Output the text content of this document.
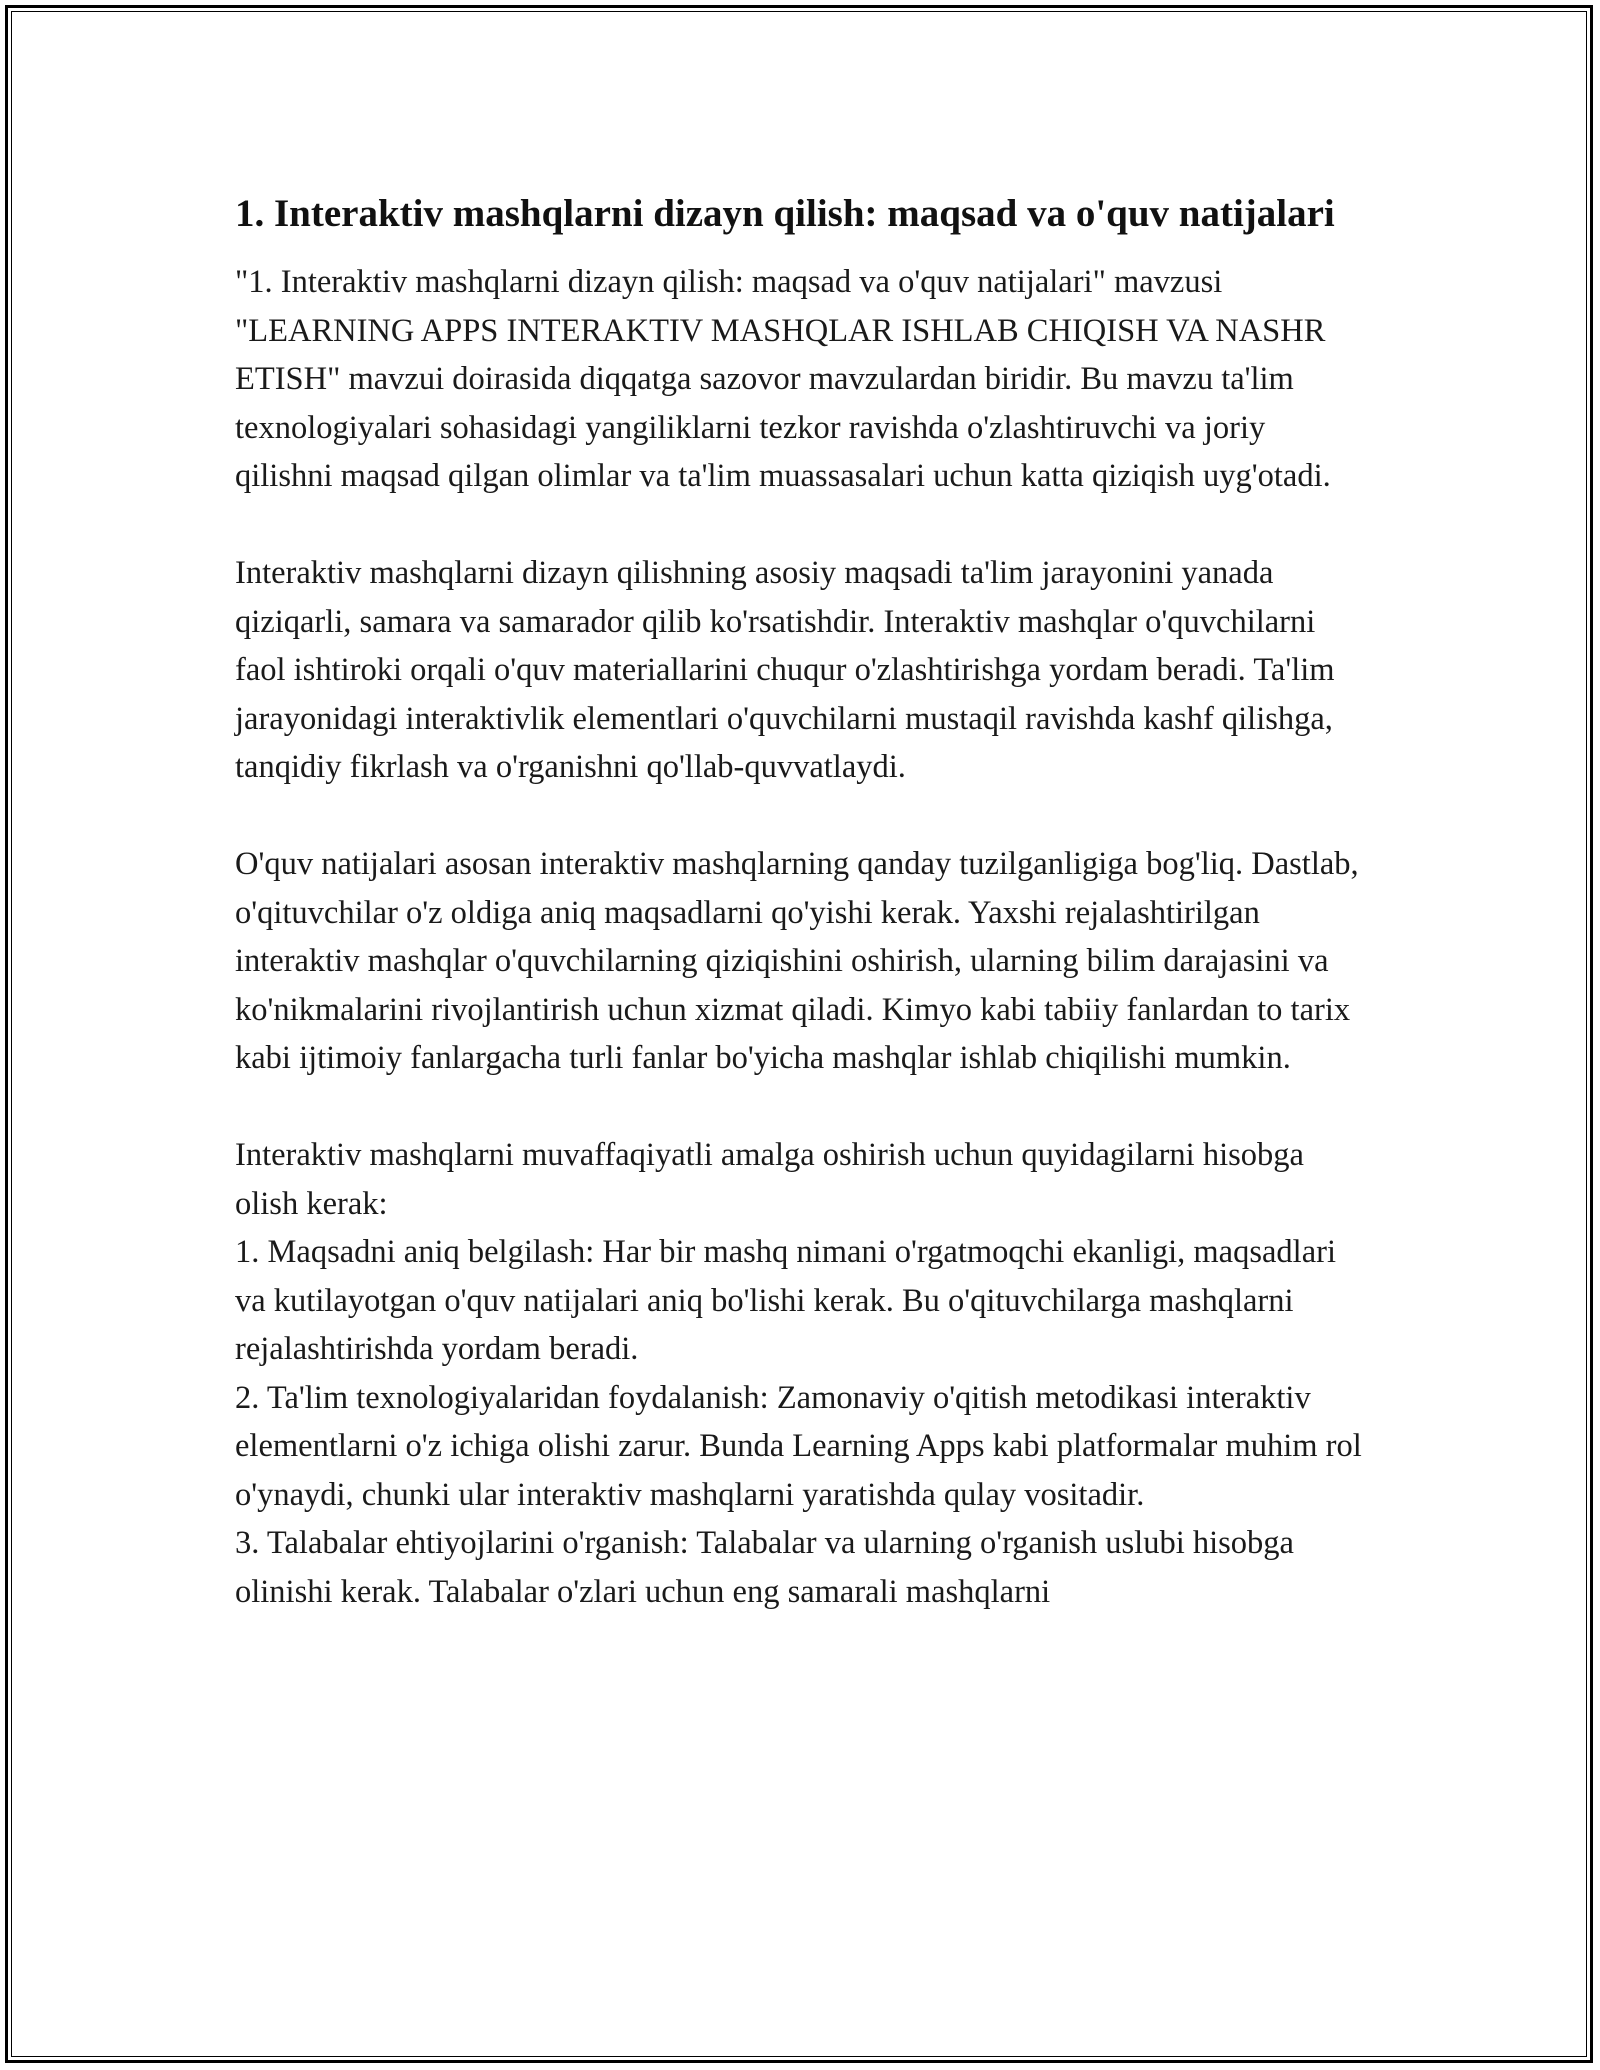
1. Interaktiv mashqlarni dizayn qilish: maqsad va o'quv natijalari

"1. Interaktiv mashqlarni dizayn qilish: maqsad va o'quv natijalari" mavzusi "LEARNING APPS INTERAKTIV MASHQLAR ISHLAB CHIQISH VA NASHR ETISH" mavzui doirasida diqqatga sazovor mavzulardan biridir. Bu mavzu ta'lim texnologiyalari sohasidagi yangiliklarni tezkor ravishda o'zlashtiruvchi va joriy qilishni maqsad qilgan olimlar va ta'lim muassasalari uchun katta qiziqish uyg'otadi.

Interaktiv mashqlarni dizayn qilishning asosiy maqsadi ta'lim jarayonini yanada qiziqarli, samara va samarador qilib ko'rsatishdir. Interaktiv mashqlar o'quvchilarni faol ishtiroki orqali o'quv materiallarini chuqur o'zlashtirishga yordam beradi. Ta'lim jarayonidagi interaktivlik elementlari o'quvchilarni mustaqil ravishda kashf qilishga, tanqidiy fikrlash va o'rganishni qo'llab-quvvatlaydi.

O'quv natijalari asosan interaktiv mashqlarning qanday tuzilganligiga bog'liq. Dastlab, o'qituvchilar o'z oldiga aniq maqsadlarni qo'yishi kerak. Yaxshi rejalashtirilgan interaktiv mashqlar o'quvchilarning qiziqishini oshirish, ularning bilim darajasini va ko'nikmalarini rivojlantirish uchun xizmat qiladi. Kimyo kabi tabiiy fanlardan to tarix kabi ijtimoiy fanlargacha turli fanlar bo'yicha mashqlar ishlab chiqilishi mumkin.

Interaktiv mashqlarni muvaffaqiyatli amalga oshirish uchun quyidagilarni hisobga olish kerak:
1. Maqsadni aniq belgilash: Har bir mashq nimani o'rgatmoqchi ekanligi, maqsadlari va kutilayotgan o'quv natijalari aniq bo'lishi kerak. Bu o'qituvchilarga mashqlarni rejalashtirishda yordam beradi.
2. Ta'lim texnologiyalaridan foydalanish: Zamonaviy o'qitish metodikasi interaktiv elementlarni o'z ichiga olishi zarur. Bunda Learning Apps kabi platformalar muhim rol o'ynaydi, chunki ular interaktiv mashqlarni yaratishda qulay vositadir.
3. Talabalar ehtiyojlarini o'rganish: Talabalar va ularning o'rganish uslubi hisobga olinishi kerak. Talabalar o'zlari uchun eng samarali mashqlarni
